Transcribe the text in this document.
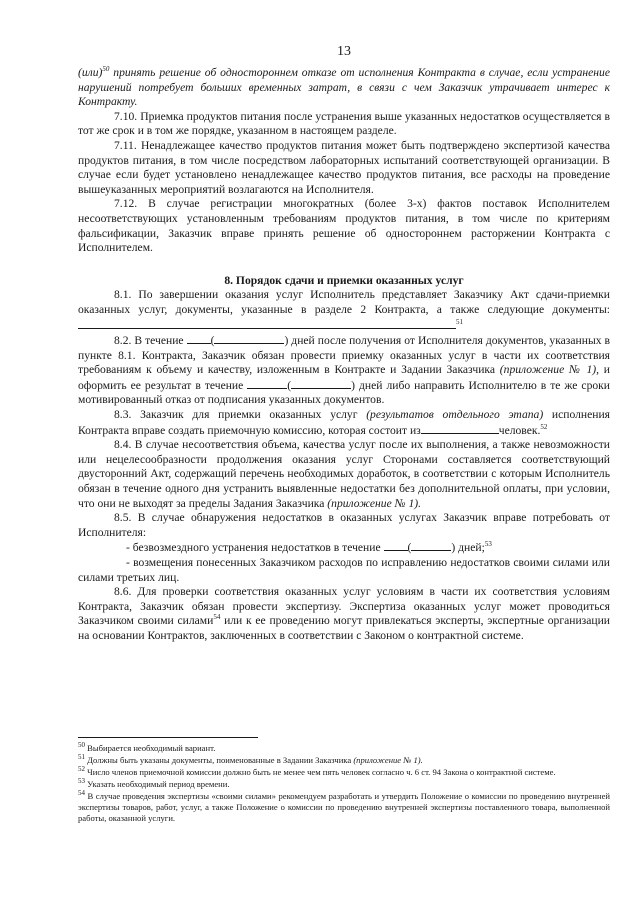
13

(или)$^{50}$ принять решение об одностороннем отказе от исполнения Контракта в случае, если устранение нарушений потребует больших временных затрат, в связи с чем Заказчик утрачивает интерес к Контракту.

7.10. Приемка продуктов питания после устранения выше указанных недостатков осуществляется в тот же срок и в том же порядке, указанном в настоящем разделе.

7.11. Ненадлежащее качество продуктов питания может быть подтверждено экспертизой качества продуктов питания, в том числе посредством лабораторных испытаний соответствующей организации. В случае если будет установлено ненадлежащее качество продуктов питания, все расходы на проведение вышеуказанных мероприятий возлагаются на Исполнителя.

7.12. В случае регистрации многократных (более 3-х) фактов поставок Исполнителем несоответствующих установленным требованиям продуктов питания, в том числе по критериям фальсификации, Заказчик вправе принять решение об одностороннем расторжении Контракта с Исполнителем.

8. Порядок сдачи и приемки оказанных услуг

8.1. По завершении оказания услуг Исполнитель представляет Заказчику Акт сдачи-приемки оказанных услуг, документы, указанные в разделе 2 Контракта, а также следующие документы:$^{51}$

8.2. В течение (	) дней после получения от Исполнителя документов, указанных в пункте 8.1. Контракта, Заказчик обязан провести приемку оказанных услуг в части их соответствия требованиям к объему и качеству, изложенным в Контракте и Задании Заказчика (приложение № 1), и оформить ее результат в течение	(	) дней либо направить Исполнителю в те же сроки мотивированный отказ от подписания указанных документов.

8.3. Заказчик для приемки оказанных услуг (результатов отдельного этапа) исполнения Контракта вправе создать приемочную комиссию, которая состоит из	человек.$^{52}$

8.4. В случае несоответствия объема, качества услуг после их выполнения, а также невозможности или нецелесообразности продолжения оказания услуг Сторонами составляется соответствующий двусторонний Акт, содержащий перечень необходимых доработок, в соответствии с которым Исполнитель обязан в течение одного дня устранить выявленные недостатки без дополнительной оплаты, при условии, что они не выходят за пределы Задания Заказчика (приложение № 1).

8.5. В случае обнаружения недостатков в оказанных услугах Заказчик вправе потребовать от Исполнителя:

- безвозмездного устранения недостатков в течение (	) дней;$^{53}$

- возмещения понесенных Заказчиком расходов по исправлению недостатков своими силами или силами третьих лиц.

8.6. Для проверки соответствия оказанных услуг условиям в части их соответствия условиям Контракта, Заказчик обязан провести экспертизу. Экспертиза оказанных услуг может проводиться Заказчиком своими силами$^{54}$ или к ее проведению могут привлекаться эксперты, экспертные организации на основании Контрактов, заключенных в соответствии с Законом о контрактной системе.

$^{50}$ Выбирается необходимый вариант.

$^{51}$ Должны быть указаны документы, поименованные в Задании Заказчика (приложение № 1).

$^{52}$ Число членов приемочной комиссии должно быть не менее чем пять человек согласно ч. 6 ст. 94 Закона о контрактной системе.

$^{53}$ Указать необходимый период времени.

$^{54}$ В случае проведения экспертизы «своими силами» рекомендуем разработать и утвердить Положение о комиссии по проведению внутренней экспертизы товаров, работ, услуг, а также Положение о комиссии по проведению внутренней экспертизы поставленного товара, выполненной работы, оказанной услуги.
